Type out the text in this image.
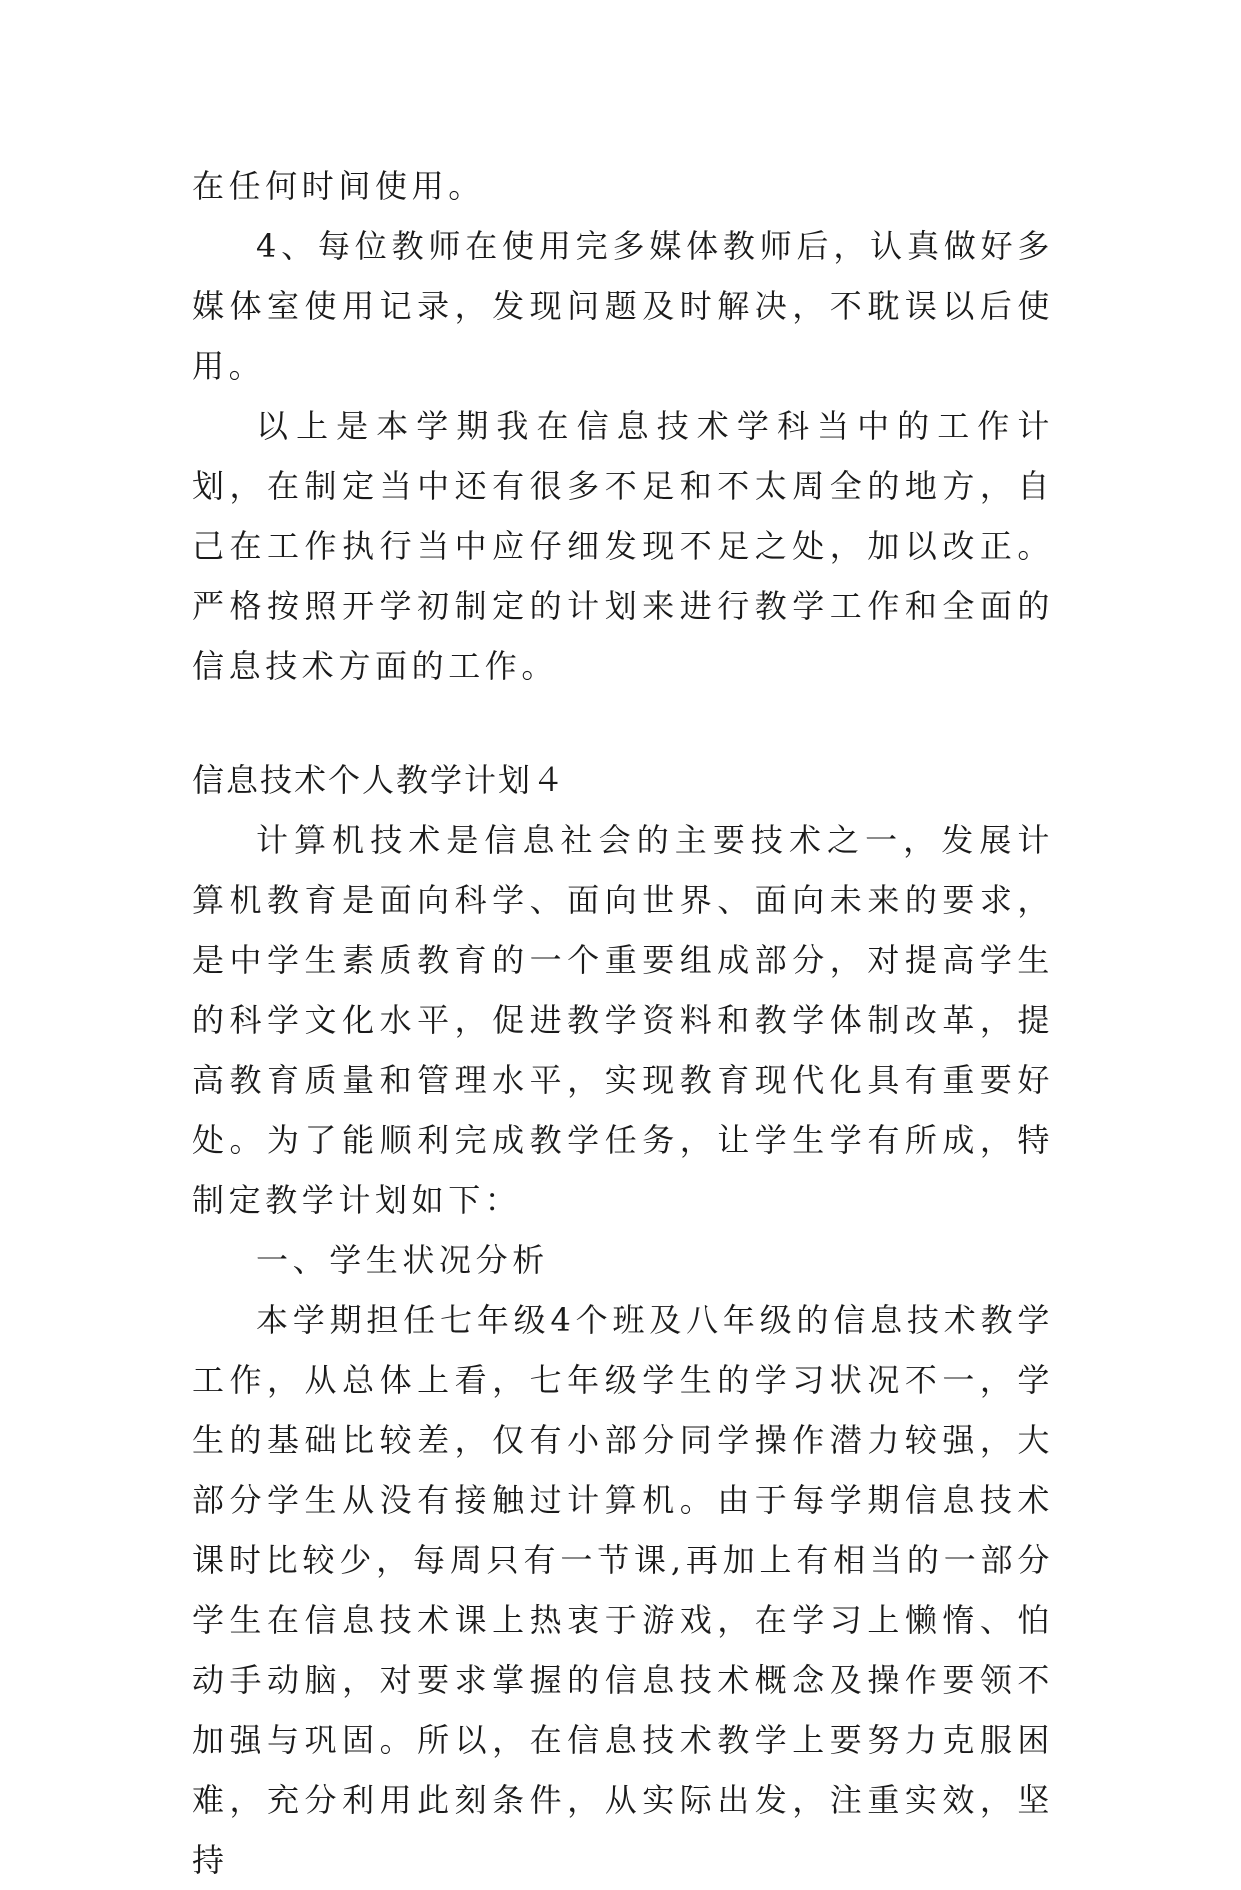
在任何时间使用。

4、每位教师在使用完多媒体教师后，认真做好多媒体室使用记录，发现问题及时解决，不耽误以后使用。

以上是本学期我在信息技术学科当中的工作计划，在制定当中还有很多不足和不太周全的地方，自己在工作执行当中应仔细发现不足之处，加以改正。严格按照开学初制定的计划来进行教学工作和全面的信息技术方面的工作。

信息技术个人教学计划４

计算机技术是信息社会的主要技术之一，发展计算机教育是面向科学、面向世界、面向未来的要求，是中学生素质教育的一个重要组成部分，对提高学生的科学文化水平，促进教学资料和教学体制改革，提高教育质量和管理水平，实现教育现代化具有重要好处。为了能顺利完成教学任务，让学生学有所成，特制定教学计划如下：

一、学生状况分析

本学期担任七年级4个班及八年级的信息技术教学工作，从总体上看，七年级学生的学习状况不一，学生的基础比较差，仅有小部分同学操作潜力较强，大部分学生从没有接触过计算机。由于每学期信息技术课时比较少，每周只有一节课,再加上有相当的一部分学生在信息技术课上热衷于游戏，在学习上懒惰、怕动手动脑，对要求掌握的信息技术概念及操作要领不加强与巩固。所以，在信息技术教学上要努力克服困难，充分利用此刻条件，从实际出发，注重实效，坚持
